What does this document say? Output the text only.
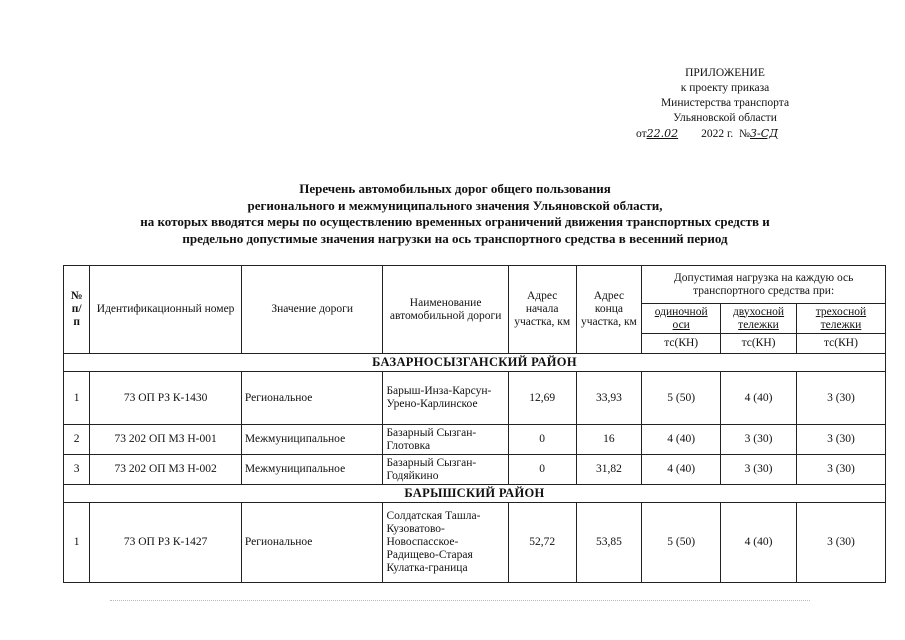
ПРИЛОЖЕНИЕ
к проекту приказа
Министерства транспорта
Ульяновской области
от22.02 2022 г. №3-СД
Перечень автомобильных дорог общего пользования
регионального и межмуниципального значения Ульяновской области,
на которых вводятся меры по осуществлению временных ограничений движения транспортных средств и
предельно допустимые значения нагрузки на ось транспортного средства в весенний период
№ п/ п	Идентификационный номер	Значение дороги	Наименование автомобильной дороги	Адрес начала участка, км	Адрес конца участка, км	Допустимая нагрузка на каждую ось транспортного средства при:		
						одиночной оси	двухосной тележки	трехосной тележки
						тс(КН)	тс(КН)	тс(КН)
БАЗАРНОСЫЗГАНСКИЙ РАЙОН								
1	73 ОП РЗ К-1430	Региональное	Барыш-Инза-Карсун-Урено-Карлинское	12,69	33,93	5 (50)	4 (40)	3 (30)
2	73 202 ОП МЗ Н-001	Межмуниципальное	Базарный Сызган-Глотовка	0	16	4 (40)	3 (30)	3 (30)
3	73 202 ОП МЗ Н-002	Межмуниципальное	Базарный Сызган-Годяйкино	0	31,82	4 (40)	3 (30)	3 (30)
БАРЫШСКИЙ РАЙОН								
1	73 ОП РЗ К-1427	Региональное	Солдатская Ташла-Кузоватово-Новоспасское-Радищево-Старая Кулатка-граница	52,72	53,85	5 (50)	4 (40)	3 (30)
